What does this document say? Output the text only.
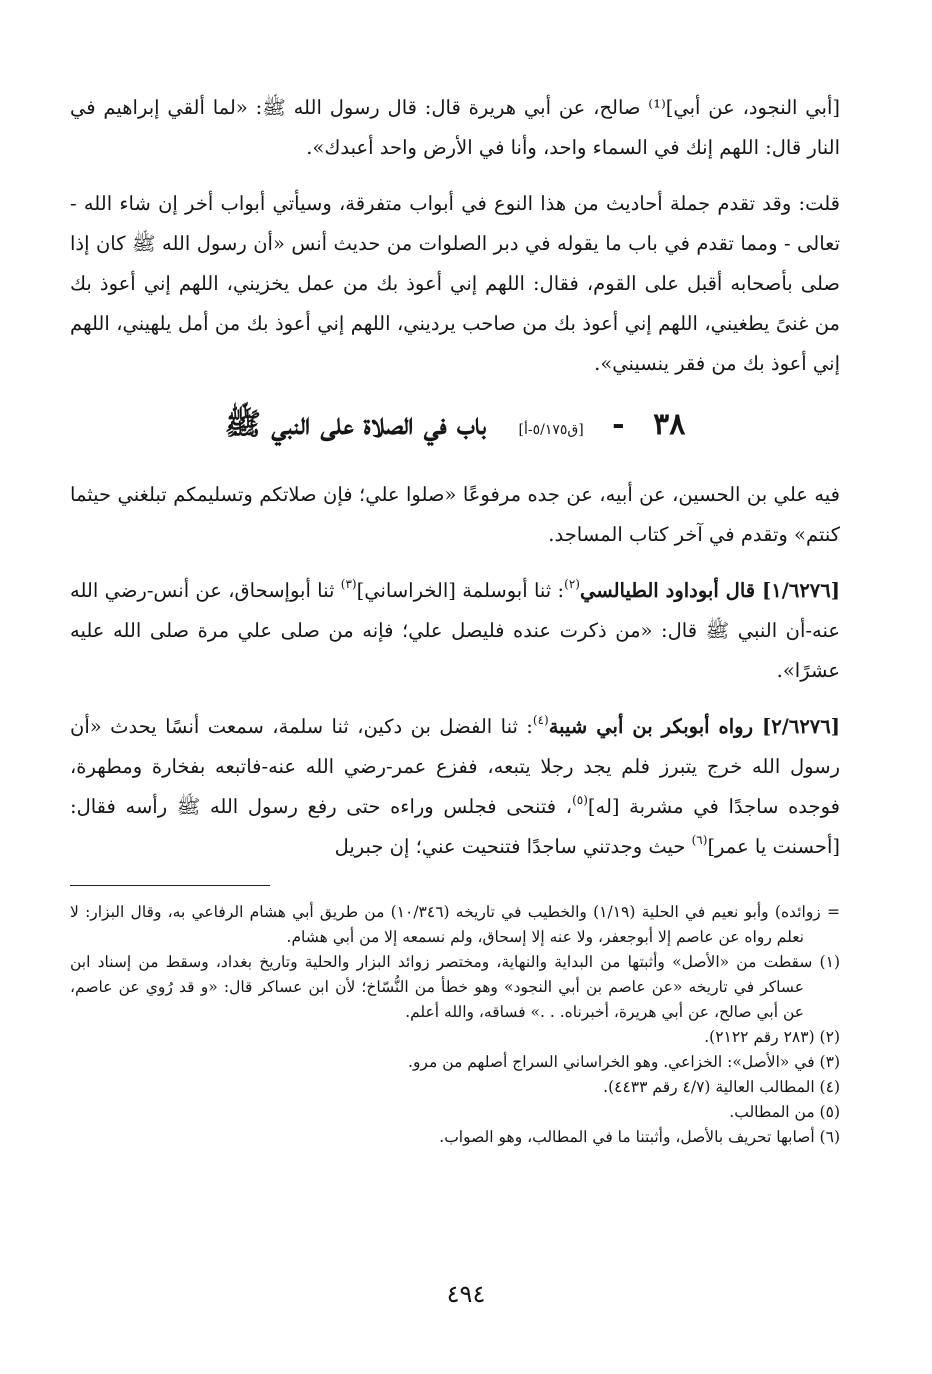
[أبي النجود، عن أبي]⁽¹⁾ صالح، عن أبي هريرة قال: قال رسول الله ﷺ: «لما ألقي إبراهيم في النار قال: اللهم إنك في السماء واحد، وأنا في الأرض واحد أعبدك».

قلت: وقد تقدم جملة أحاديث من هذا النوع في أبواب متفرقة، وسيأتي أبواب أخر إن شاء الله - تعالى - ومما تقدم في باب ما يقوله في دبر الصلوات من حديث أنس «أن رسول الله ﷺ كان إذا صلى بأصحابه أقبل على القوم، فقال: اللهم إني أعوذ بك من عمل يخزيني، اللهم إني أعوذ بك من غنىً يطغيني، اللهم إني أعوذ بك من صاحب يرديني، اللهم إني أعوذ بك من أمل يلهيني، اللهم إني أعوذ بك من فقر ينسيني».

٣٨ - [ق٥/١٧٥-أ] باب في الصلاة على النبي ﷺ

فيه علي بن الحسين، عن أبيه، عن جده مرفوعًا «صلوا علي؛ فإن صلاتكم وتسليمكم تبلغني حيثما كنتم» وتقدم في آخر كتاب المساجد.

[١/٦٢٧٦] قال أبوداود الطيالسي$^{(٢)}$: ثنا أبوسلمة [الخراساني]$^{(٣)}$ ثنا أبوإسحاق، عن أنس-رضي الله عنه-أن النبي ﷺ قال: «من ذكرت عنده فليصل علي؛ فإنه من صلى علي مرة صلى الله عليه عشرًا».

[٢/٦٢٧٦] رواه أبوبكر بن أبي شيبة$^{(٤)}$: ثنا الفضل بن دكين، ثنا سلمة، سمعت أنسًا يحدث «أن رسول الله خرج يتبرز فلم يجد رجلا يتبعه، ففزع عمر-رضي الله عنه-فاتبعه بفخارة ومطهرة، فوجده ساجدًا في مشربة [له]$^{(٥)}$، فتنحى فجلس وراءه حتى رفع رسول الله ﷺ رأسه فقال: [أحسنت يا عمر]$^{(٦)}$ حيث وجدتني ساجدًا فتنحيت عني؛ إن جبريل

= زوائده) وأبو نعيم في الحلية (١/١٩) والخطيب في تاريخه (١٠/٣٤٦) من طريق أبي هشام الرفاعي به، وقال البزار: لا نعلم رواه عن عاصم إلا أبوجعفر، ولا عنه إلا إسحاق، ولم نسمعه إلا من أبي هشام.

(١) سقطت من «الأصل» وأثبتها من البداية والنهاية، ومختصر زوائد البزار والحلية وتاريخ بغداد، وسقط من إسناد ابن عساكر في تاريخه «عن عاصم بن أبي النجود» وهو خطأ من النُّسّاخ؛ لأن ابن عساكر قال: «و قد رُوي عن عاصم، عن أبي صالح، عن أبي هريرة، أخبرناه. . .» فساقه، والله أعلم.

(٢) (٢٨٣ رقم ٢١٢٢).

(٣) في «الأصل»: الخزاعي. وهو الخراساني السراج أصلهم من مرو.

(٤) المطالب العالية (٤/٧ رقم ٤٤٣٣).

(٥) من المطالب.

(٦) أصابها تحريف بالأصل، وأثبتنا ما في المطالب، وهو الصواب.

٤٩٤
